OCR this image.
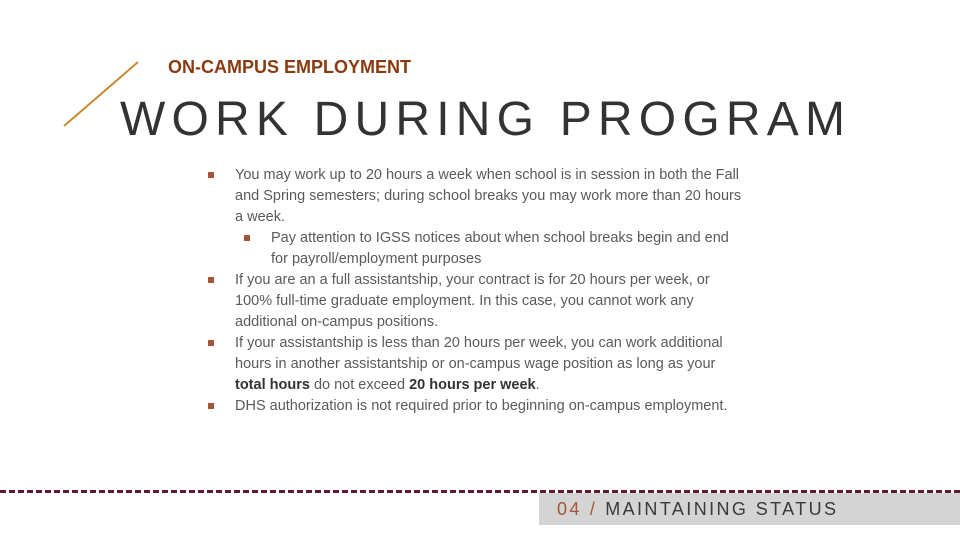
ON-CAMPUS EMPLOYMENT
WORK DURING PROGRAM
You may work up to 20 hours a week when school is in session in both the Fall and Spring semesters; during school breaks you may work more than 20 hours a week.
Pay attention to IGSS notices about when school breaks begin and end for payroll/employment purposes
If you are an a full assistantship, your contract is for 20 hours per week, or 100% full-time graduate employment. In this case, you cannot work any additional on-campus positions.
If your assistantship is less than 20 hours per week, you can work additional hours in another assistantship or on-campus wage position as long as your total hours do not exceed 20 hours per week.
DHS authorization is not required prior to beginning on-campus employment.
04 / MAINTAINING STATUS
